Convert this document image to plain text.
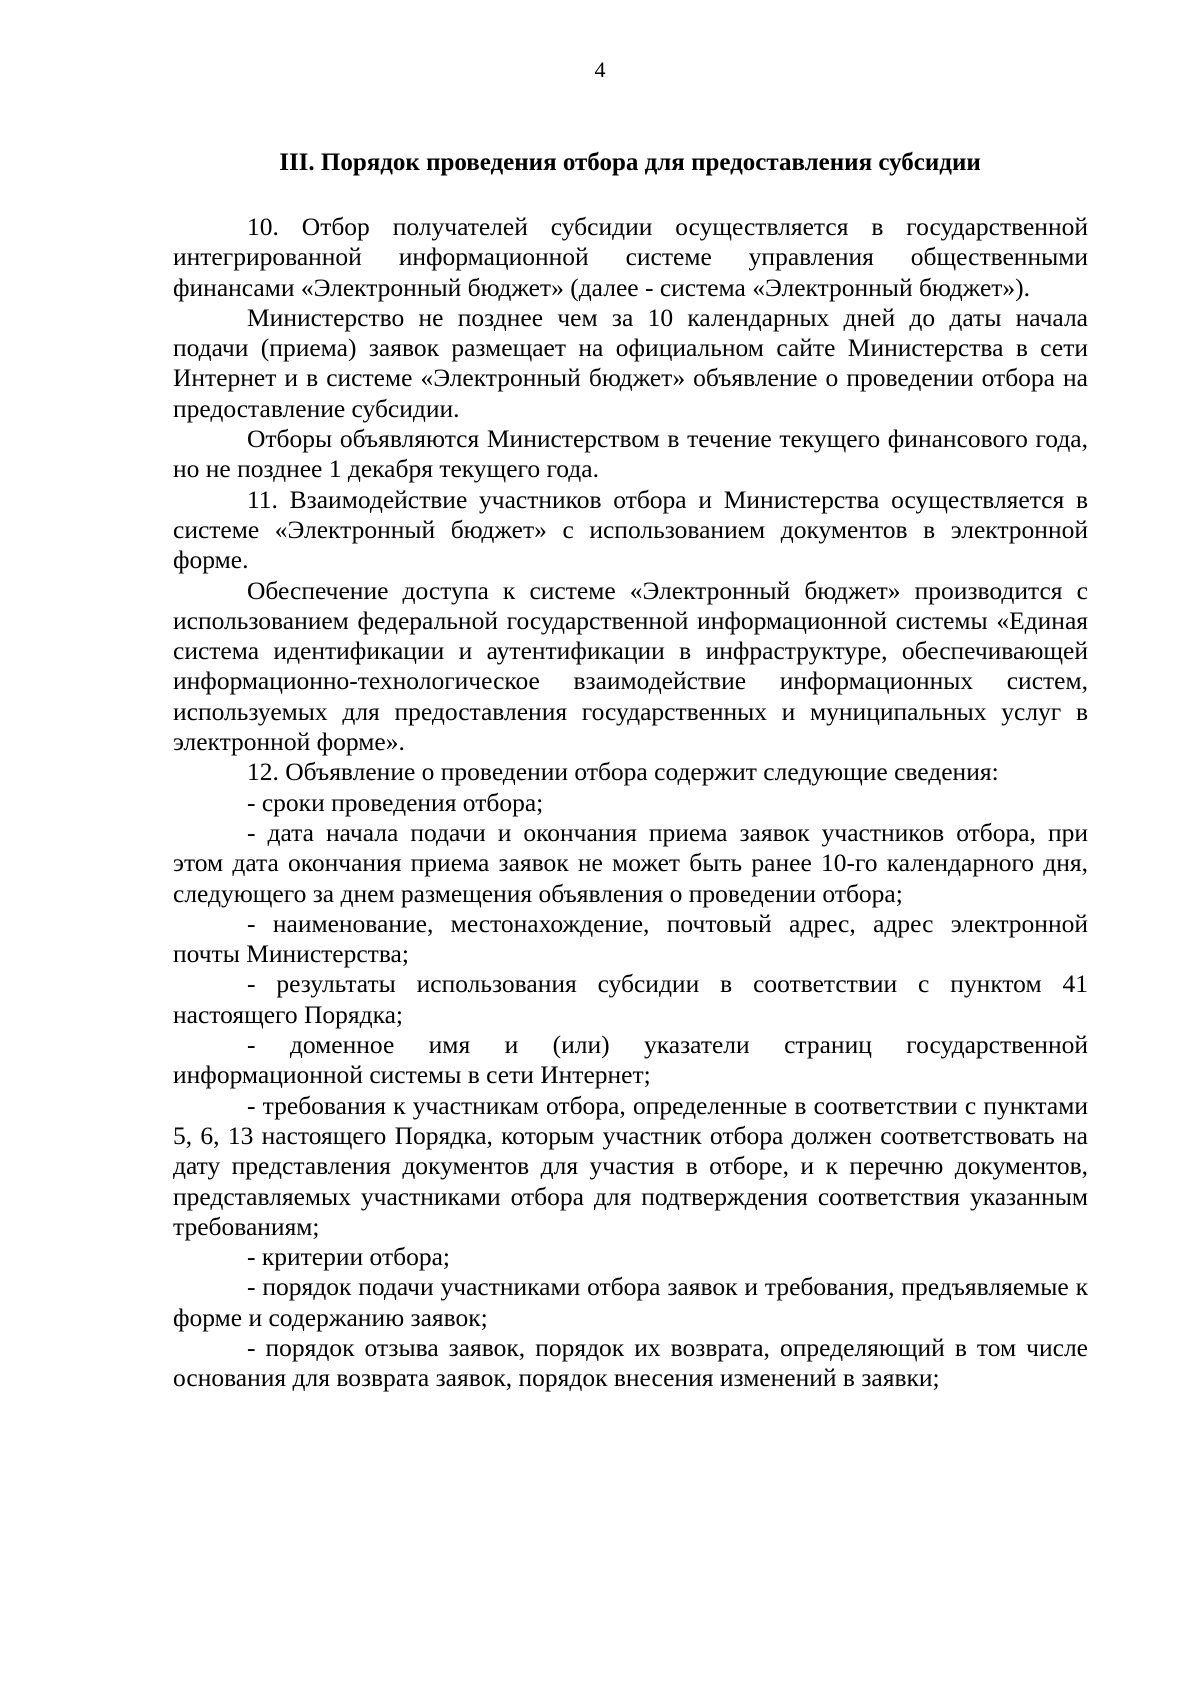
4
III. Порядок проведения отбора для предоставления субсидии

10. Отбор получателей субсидии осуществляется в государственной интегрированной информационной системе управления общественными финансами «Электронный бюджет» (далее - система «Электронный бюджет»).

Министерство не позднее чем за 10 календарных дней до даты начала подачи (приема) заявок размещает на официальном сайте Министерства в сети Интернет и в системе «Электронный бюджет» объявление о проведении отбора на предоставление субсидии.

Отборы объявляются Министерством в течение текущего финансового года, но не позднее 1 декабря текущего года.

11. Взаимодействие участников отбора и Министерства осуществляется в системе «Электронный бюджет» с использованием документов в электронной форме.

Обеспечение доступа к системе «Электронный бюджет» производится с использованием федеральной государственной информационной системы «Единая система идентификации и аутентификации в инфраструктуре, обеспечивающей информационно-технологическое взаимодействие информационных систем, используемых для предоставления государственных и муниципальных услуг в электронной форме».

12. Объявление о проведении отбора содержит следующие сведения:

- сроки проведения отбора;

- дата начала подачи и окончания приема заявок участников отбора, при этом дата окончания приема заявок не может быть ранее 10-го календарного дня, следующего за днем размещения объявления о проведении отбора;

- наименование, местонахождение, почтовый адрес, адрес электронной почты Министерства;

- результаты использования субсидии в соответствии с пунктом 41 настоящего Порядка;

- доменное имя и (или) указатели страниц государственной информационной системы в сети Интернет;

- требования к участникам отбора, определенные в соответствии с пунктами 5, 6, 13 настоящего Порядка, которым участник отбора должен соответствовать на дату представления документов для участия в отборе, и к перечню документов, представляемых участниками отбора для подтверждения соответствия указанным требованиям;

- критерии отбора;

- порядок подачи участниками отбора заявок и требования, предъявляемые к форме и содержанию заявок;

- порядок отзыва заявок, порядок их возврата, определяющий в том числе основания для возврата заявок, порядок внесения изменений в заявки;
